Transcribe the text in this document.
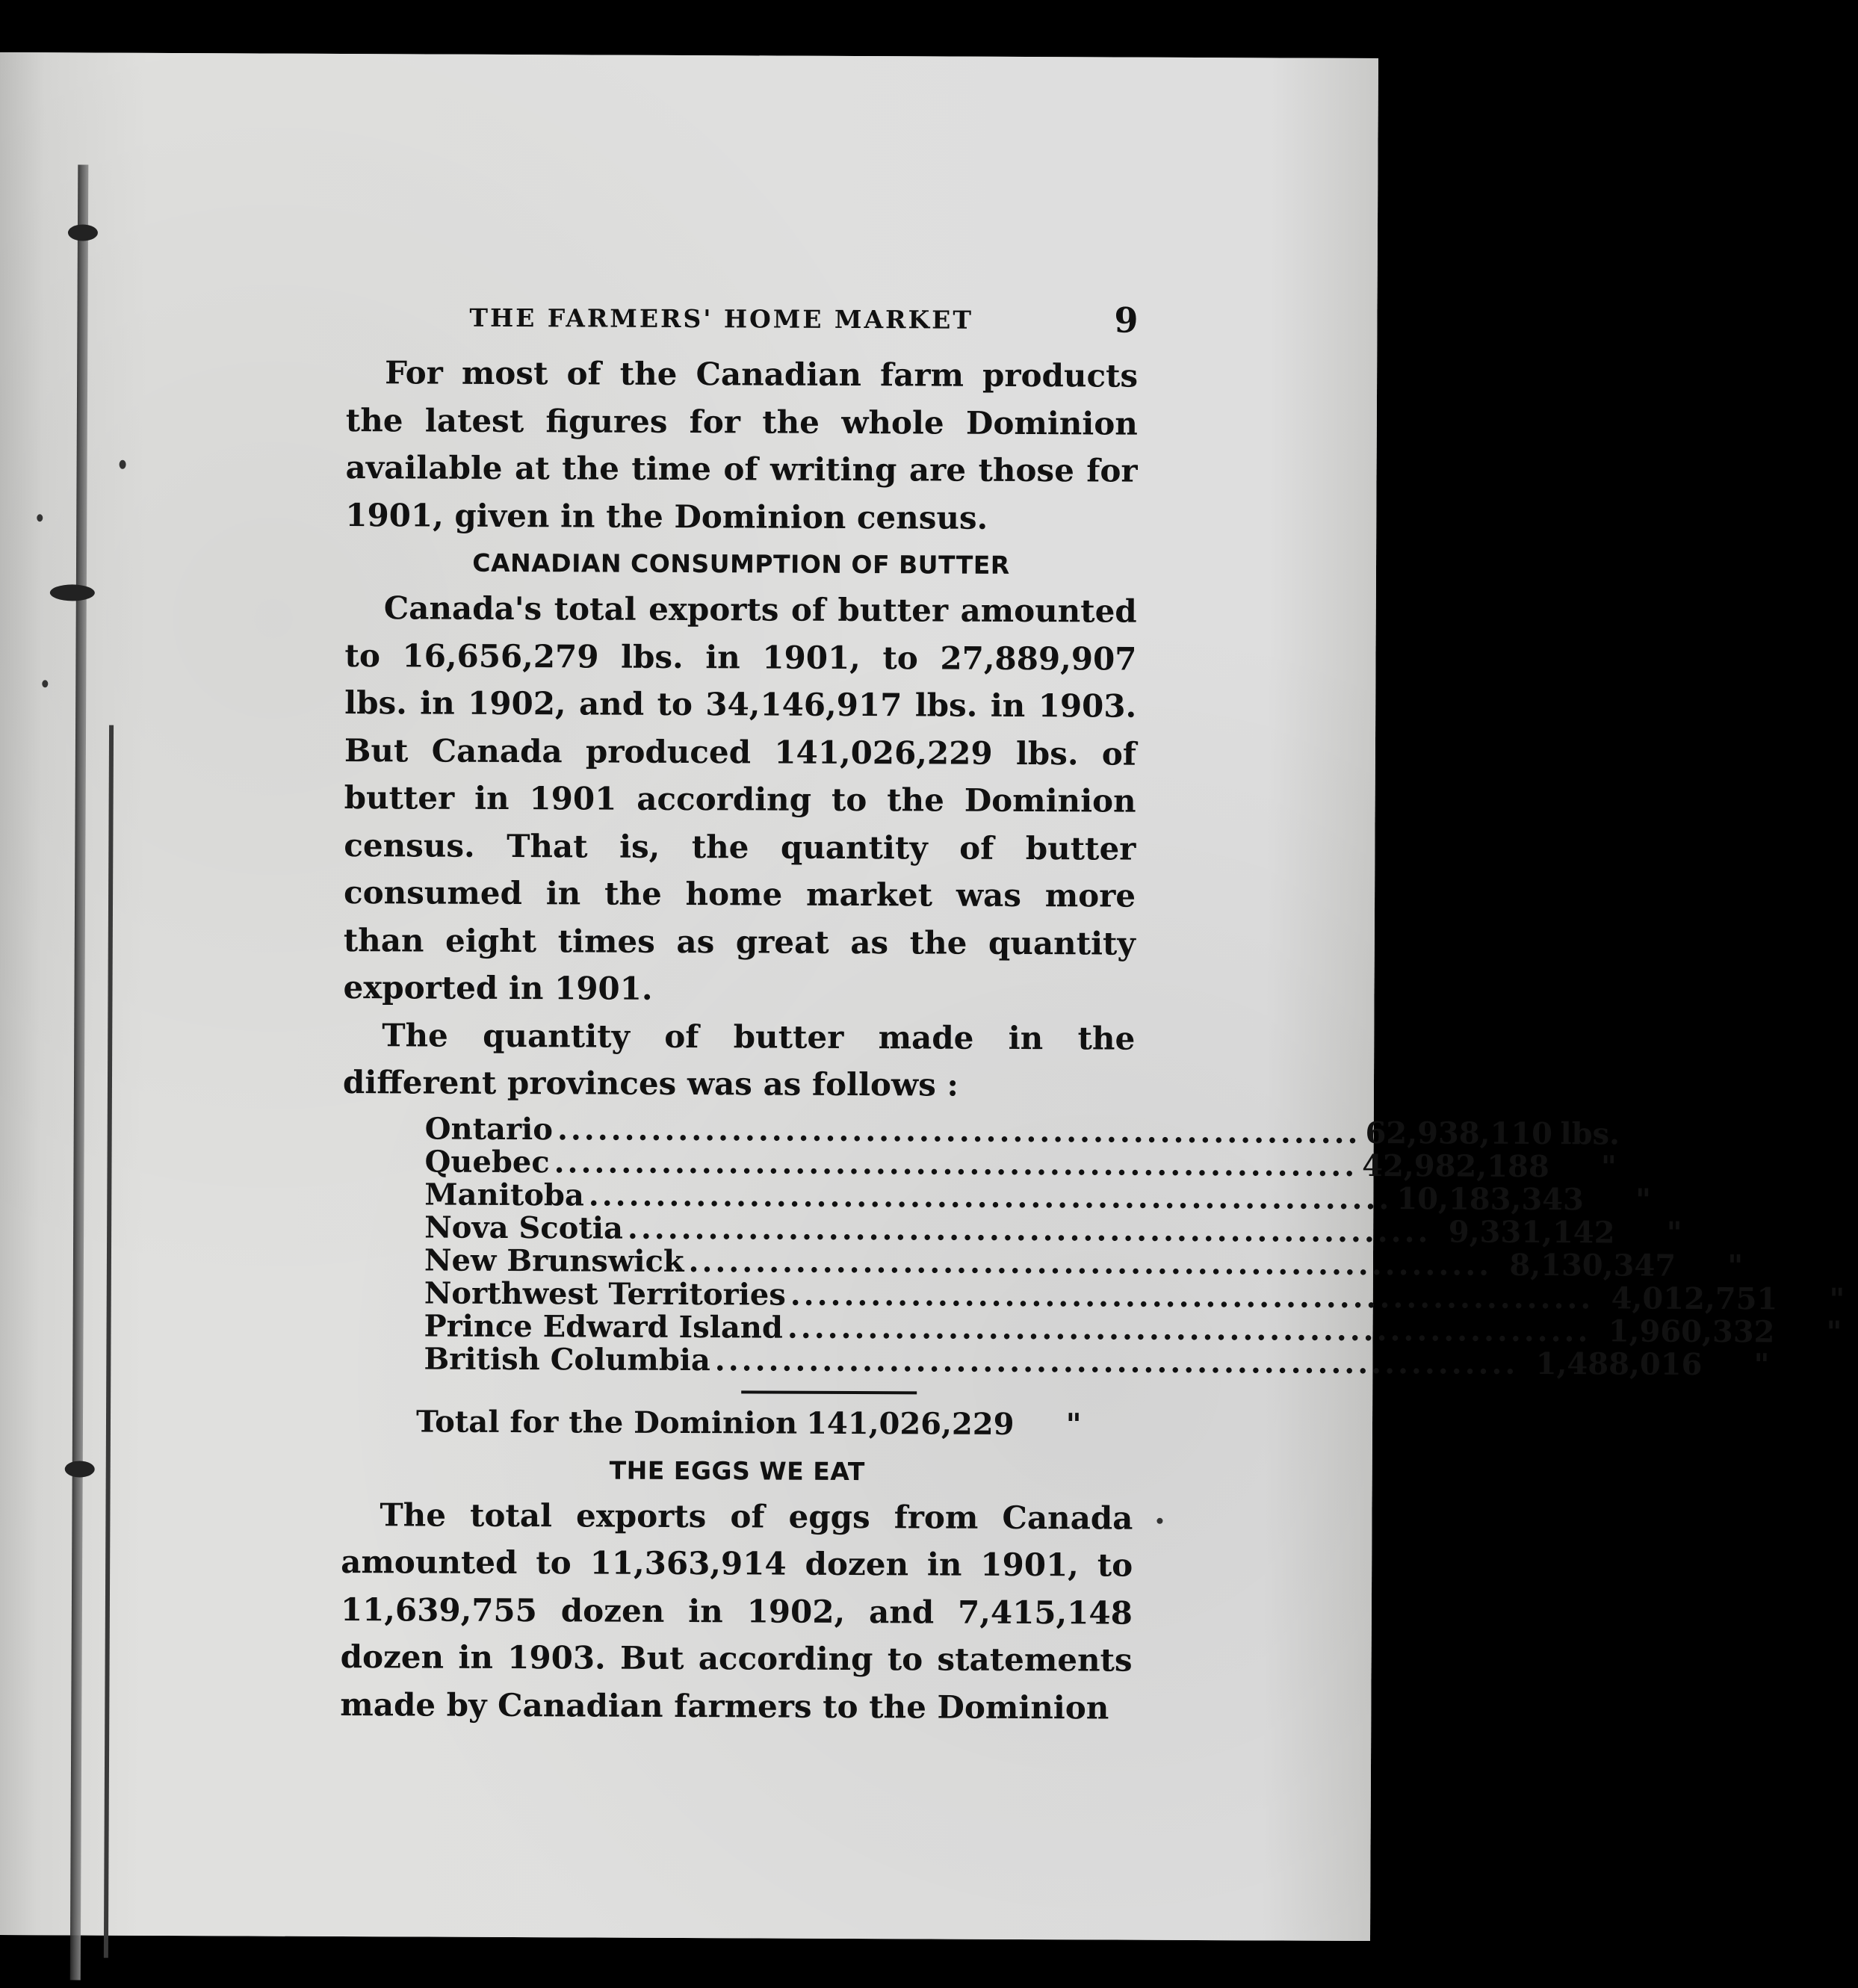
THE FARMERS' HOME MARKET	9

For most of the Canadian farm products the latest figures for the whole Dominion available at the time of writing are those for 1901, given in the Dominion census.

CANADIAN CONSUMPTION OF BUTTER

Canada's total exports of butter amounted to 16,656,279 lbs. in 1901, to 27,889,907 lbs. in 1902, and to 34,146,917 lbs. in 1903. But Canada produced 141,026,229 lbs. of butter in 1901 according to the Dominion census. That is, the quantity of butter consumed in the home market was more than eight times as great as the quantity exported in 1901.

The quantity of butter made in the different provinces was as follows :

Ontario ............................................................ 62,938,110 lbs.
Quebec ............................................................ 42,982,188	"
Manitoba ............................................................ 10,183,343	"
Nova Scotia ............................................................ 9,331,142	"
New Brunswick ............................................................ 8,130,347	"
Northwest Territories ............................................................ 4,012,751	"
Prince Edward Island ............................................................ 1,960,332	"
British Columbia ............................................................ 1,488,016	"
Total for the Dominion 141,026,229	"
THE EGGS WE EAT

The total exports of eggs from Canada amounted to 11,363,914 dozen in 1901, to 11,639,755 dozen in 1902, and 7,415,148 dozen in 1903. But according to statements made by Canadian farmers to the Dominion
